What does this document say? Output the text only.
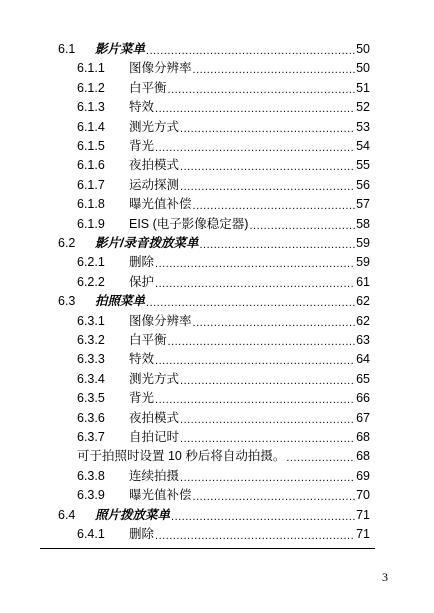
6.1	影片菜单 .....	50
6.1.1	图像分辨率 .....	50
6.1.2	白平衡 .....	51
6.1.3	特效 .....	52
6.1.4	测光方式 .....	53
6.1.5	背光 .....	54
6.1.6	夜拍模式 .....	55
6.1.7	运动探测 .....	56
6.1.8	曝光值补偿 .....	57
6.1.9	EIS (电子影像稳定器) .....	58
6.2	影片/录音拨放菜单 .....	59
6.2.1	删除 .....	59
6.2.2	保护 .....	61
6.3	拍照菜单 .....	62
6.3.1	图像分辨率 .....	62
6.3.2	白平衡 .....	63
6.3.3	特效 .....	64
6.3.4	测光方式 .....	65
6.3.5	背光 .....	66
6.3.6	夜拍模式 .....	67
6.3.7	自拍记时 .....	68
可于拍照时设置 10 秒后将自动拍摄。 .....	68
6.3.8	连续拍摄 .....	69
6.3.9	曝光值补偿 .....	70
6.4	照片拨放菜单 .....	71
6.4.1	删除 .....	71
3
